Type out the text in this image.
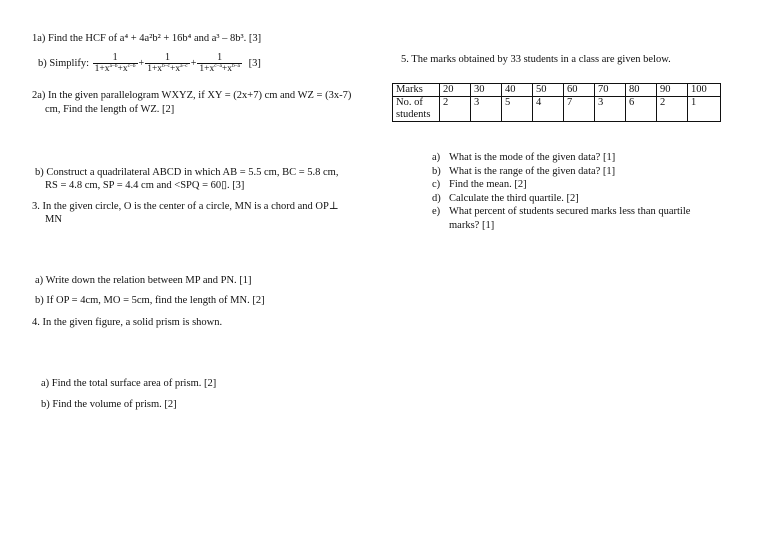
1a) Find the HCF of a⁴ + 4a²b² + 16b⁴ and a³ – 8b³. [3]
b) Simplify: $\frac{1}{1+x^{a-b}+x^{c-b}} + \frac{1}{1+x^{b-c}+x^{a-c}} + \frac{1}{1+x^{c-a}+x^{b-a}} [3]$
2a) In the given parallelogram WXYZ, if XY = (2x+7) cm and WZ = (3x-7)
cm, Find the length of WZ. [2]
b) Construct a quadrilateral ABCD in which AB = 5.5 cm, BC = 5.8 cm,
RS = 4.8 cm, SP = 4.4 cm and <SPQ = 60▯. [3]
3. In the given circle, O is the center of a circle, MN is a chord and OP⊥
MN
a) Write down the relation between MP and PN. [1]
b) If OP = 4cm, MO = 5cm, find the length of MN. [2]
4. In the given figure, a solid prism is shown.
a) Find the total surface area of prism. [2]
b) Find the volume of prism. [2]
5. The marks obtained by 33 students in a class are given below.
Marks	20	30	40	50	60	70	80	90	100

No. of
students	2	3	5	4	7	3	6	2	1
a) What is the mode of the given data? [1]
b) What is the range of the given data? [1]
c) Find the mean. [2]
d) Calculate the third quartile. [2]
e) What percent of students secured marks less than quartile
marks? [1]
